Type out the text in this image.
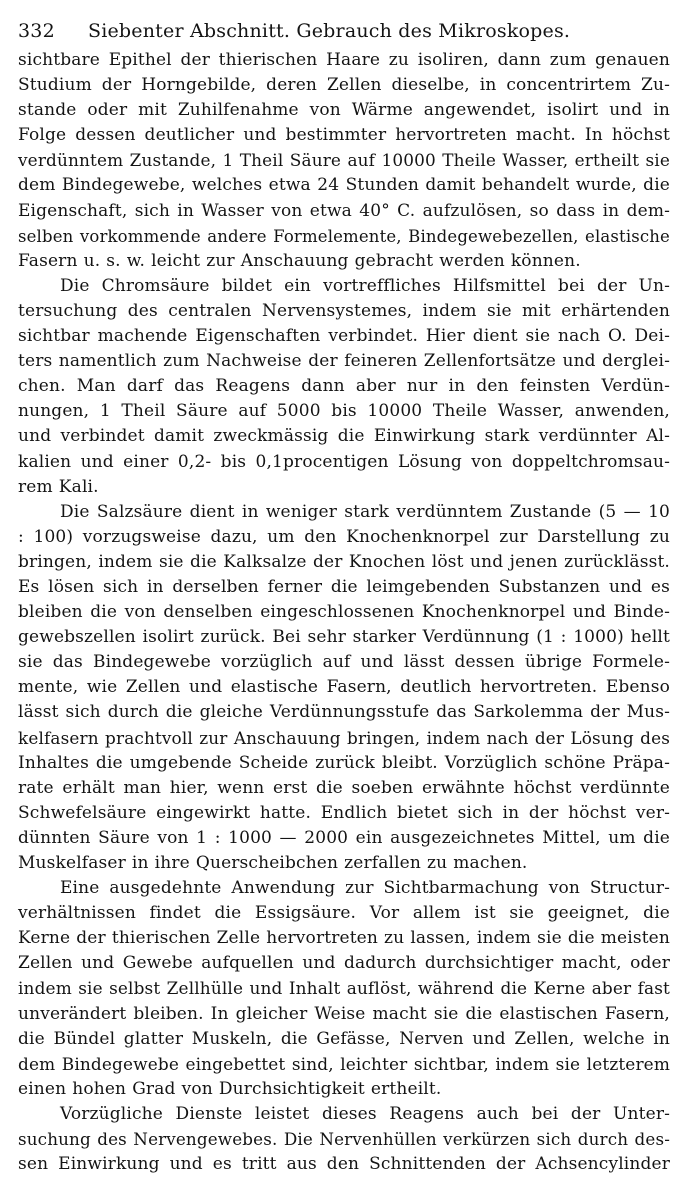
332	Siebenter Abschnitt. Gebrauch des Mikroskopes.
sichtbare Epithel der thierischen Haare zu isoliren, dann zum genauen
Studium der Horngebilde, deren Zellen dieselbe, in concentrirtem Zu-
stande oder mit Zuhilfenahme von Wärme angewendet, isolirt und in
Folge dessen deutlicher und bestimmter hervortreten macht. In höchst
verdünntem Zustande, 1 Theil Säure auf 10000 Theile Wasser, ertheilt sie
dem Bindegewebe, welches etwa 24 Stunden damit behandelt wurde, die
Eigenschaft, sich in Wasser von etwa 40° C. aufzulösen, so dass in dem-
selben vorkommende andere Formelemente, Bindegewebezellen, elastische
Fasern u. s. w. leicht zur Anschauung gebracht werden können.
Die Chromsäure bildet ein vortreffliches Hilfsmittel bei der Un-
tersuchung des centralen Nervensystemes, indem sie mit erhärtenden
sichtbar machende Eigenschaften verbindet. Hier dient sie nach O. Dei-
ters namentlich zum Nachweise der feineren Zellenfortsätze und derglei-
chen. Man darf das Reagens dann aber nur in den feinsten Verdün-
nungen, 1 Theil Säure auf 5000 bis 10000 Theile Wasser, anwenden,
und verbindet damit zweckmässig die Einwirkung stark verdünnter Al-
kalien und einer 0,2- bis 0,1procentigen Lösung von doppeltchromsau-
rem Kali.
Die Salzsäure dient in weniger stark verdünntem Zustande (5 — 10
: 100) vorzugsweise dazu, um den Knochenknorpel zur Darstellung zu
bringen, indem sie die Kalksalze der Knochen löst und jenen zurücklässt.
Es lösen sich in derselben ferner die leimgebenden Substanzen und es
bleiben die von denselben eingeschlossenen Knochenknorpel und Binde-
gewebszellen isolirt zurück. Bei sehr starker Verdünnung (1 : 1000) hellt
sie das Bindegewebe vorzüglich auf und lässt dessen übrige Formele-
mente, wie Zellen und elastische Fasern, deutlich hervortreten. Ebenso
lässt sich durch die gleiche Verdünnungsstufe das Sarkolemma der Mus-
kelfasern prachtvoll zur Anschauung bringen, indem nach der Lösung des
Inhaltes die umgebende Scheide zurück bleibt. Vorzüglich schöne Präpa-
rate erhält man hier, wenn erst die soeben erwähnte höchst verdünnte
Schwefelsäure eingewirkt hatte. Endlich bietet sich in der höchst ver-
dünnten Säure von 1 : 1000 — 2000 ein ausgezeichnetes Mittel, um die
Muskelfaser in ihre Querscheibchen zerfallen zu machen.
Eine ausgedehnte Anwendung zur Sichtbarmachung von Structur-
verhältnissen findet die Essigsäure. Vor allem ist sie geeignet, die
Kerne der thierischen Zelle hervortreten zu lassen, indem sie die meisten
Zellen und Gewebe aufquellen und dadurch durchsichtiger macht, oder
indem sie selbst Zellhülle und Inhalt auflöst, während die Kerne aber fast
unverändert bleiben. In gleicher Weise macht sie die elastischen Fasern,
die Bündel glatter Muskeln, die Gefässe, Nerven und Zellen, welche in
dem Bindegewebe eingebettet sind, leichter sichtbar, indem sie letzterem
einen hohen Grad von Durchsichtigkeit ertheilt.
Vorzügliche Dienste leistet dieses Reagens auch bei der Unter-
suchung des Nervengewebes. Die Nervenhüllen verkürzen sich durch des-
sen Einwirkung und es tritt aus den Schnittenden der Achsencylinder
